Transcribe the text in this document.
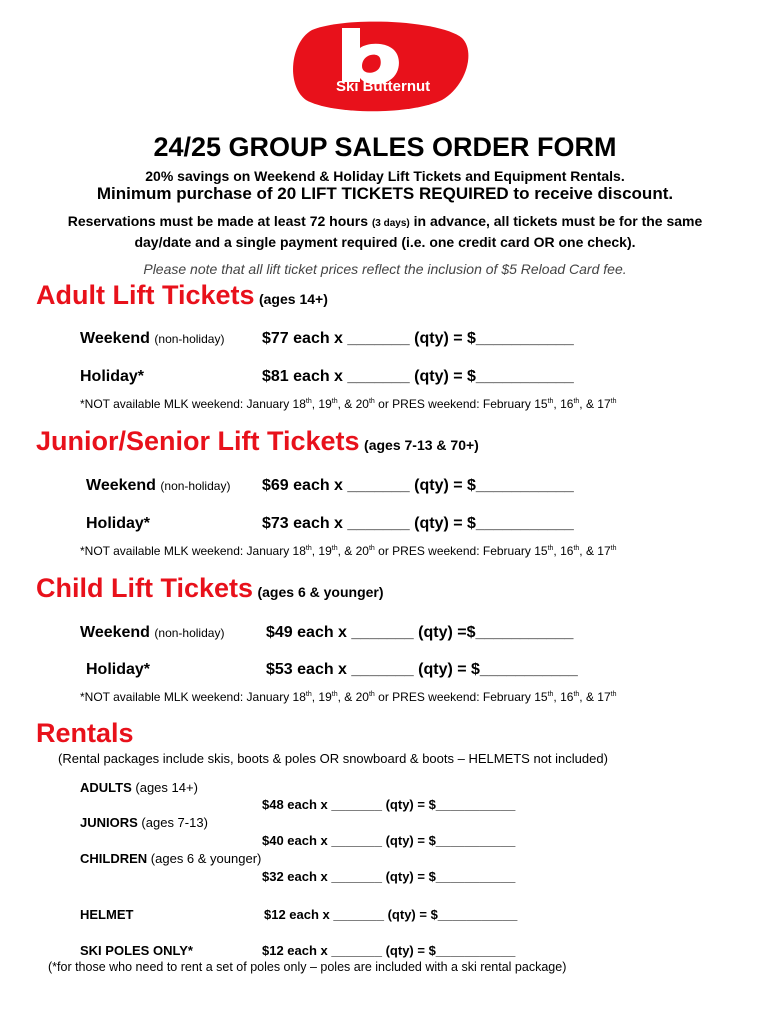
Ski Butternut
24/25 GROUP SALES ORDER FORM
20% savings on Weekend & Holiday Lift Tickets and Equipment Rentals.
Minimum purchase of 20 LIFT TICKETS REQUIRED to receive discount.
Reservations must be made at least 72 hours (3 days) in advance, all tickets must be for the same
day/date and a single payment required (i.e. one credit card OR one check).
Please note that all lift ticket prices reflect the inclusion of $5 Reload Card fee.
Adult Lift Tickets (ages 14+)
Weekend (non-holiday) $77 each x _______ (qty) = $___________
Holiday*	$81 each x _______ (qty) = $___________
*NOT available MLK weekend: January 18th, 19th, & 20th or PRES weekend: February 15th, 16th, & 17th
Junior/Senior Lift Tickets (ages 7-13 & 70+)
Weekend (non-holiday) $69 each x _______ (qty) = $___________
Holiday*	$73 each x _______ (qty) = $___________
*NOT available MLK weekend: January 18th, 19th, & 20th or PRES weekend: February 15th, 16th, & 17th
Child Lift Tickets (ages 6 & younger)
Weekend (non-holiday)	$49 each x _______ (qty) =$___________
Holiday*	$53 each x _______ (qty) = $___________
*NOT available MLK weekend: January 18th, 19th, & 20th or PRES weekend: February 15th, 16th, & 17th
Rentals
(Rental packages include skis, boots & poles OR snowboard & boots – HELMETS not included)
ADULTS (ages 14+)
$48 each x _______ (qty) = $___________
JUNIORS (ages 7-13)
$40 each x _______ (qty) = $___________
CHILDREN (ages 6 & younger)
$32 each x _______ (qty) = $___________
HELMET	$12 each x _______ (qty) = $___________
SKI POLES ONLY*	$12 each x _______ (qty) = $___________
(*for those who need to rent a set of poles only – poles are included with a ski rental package)
